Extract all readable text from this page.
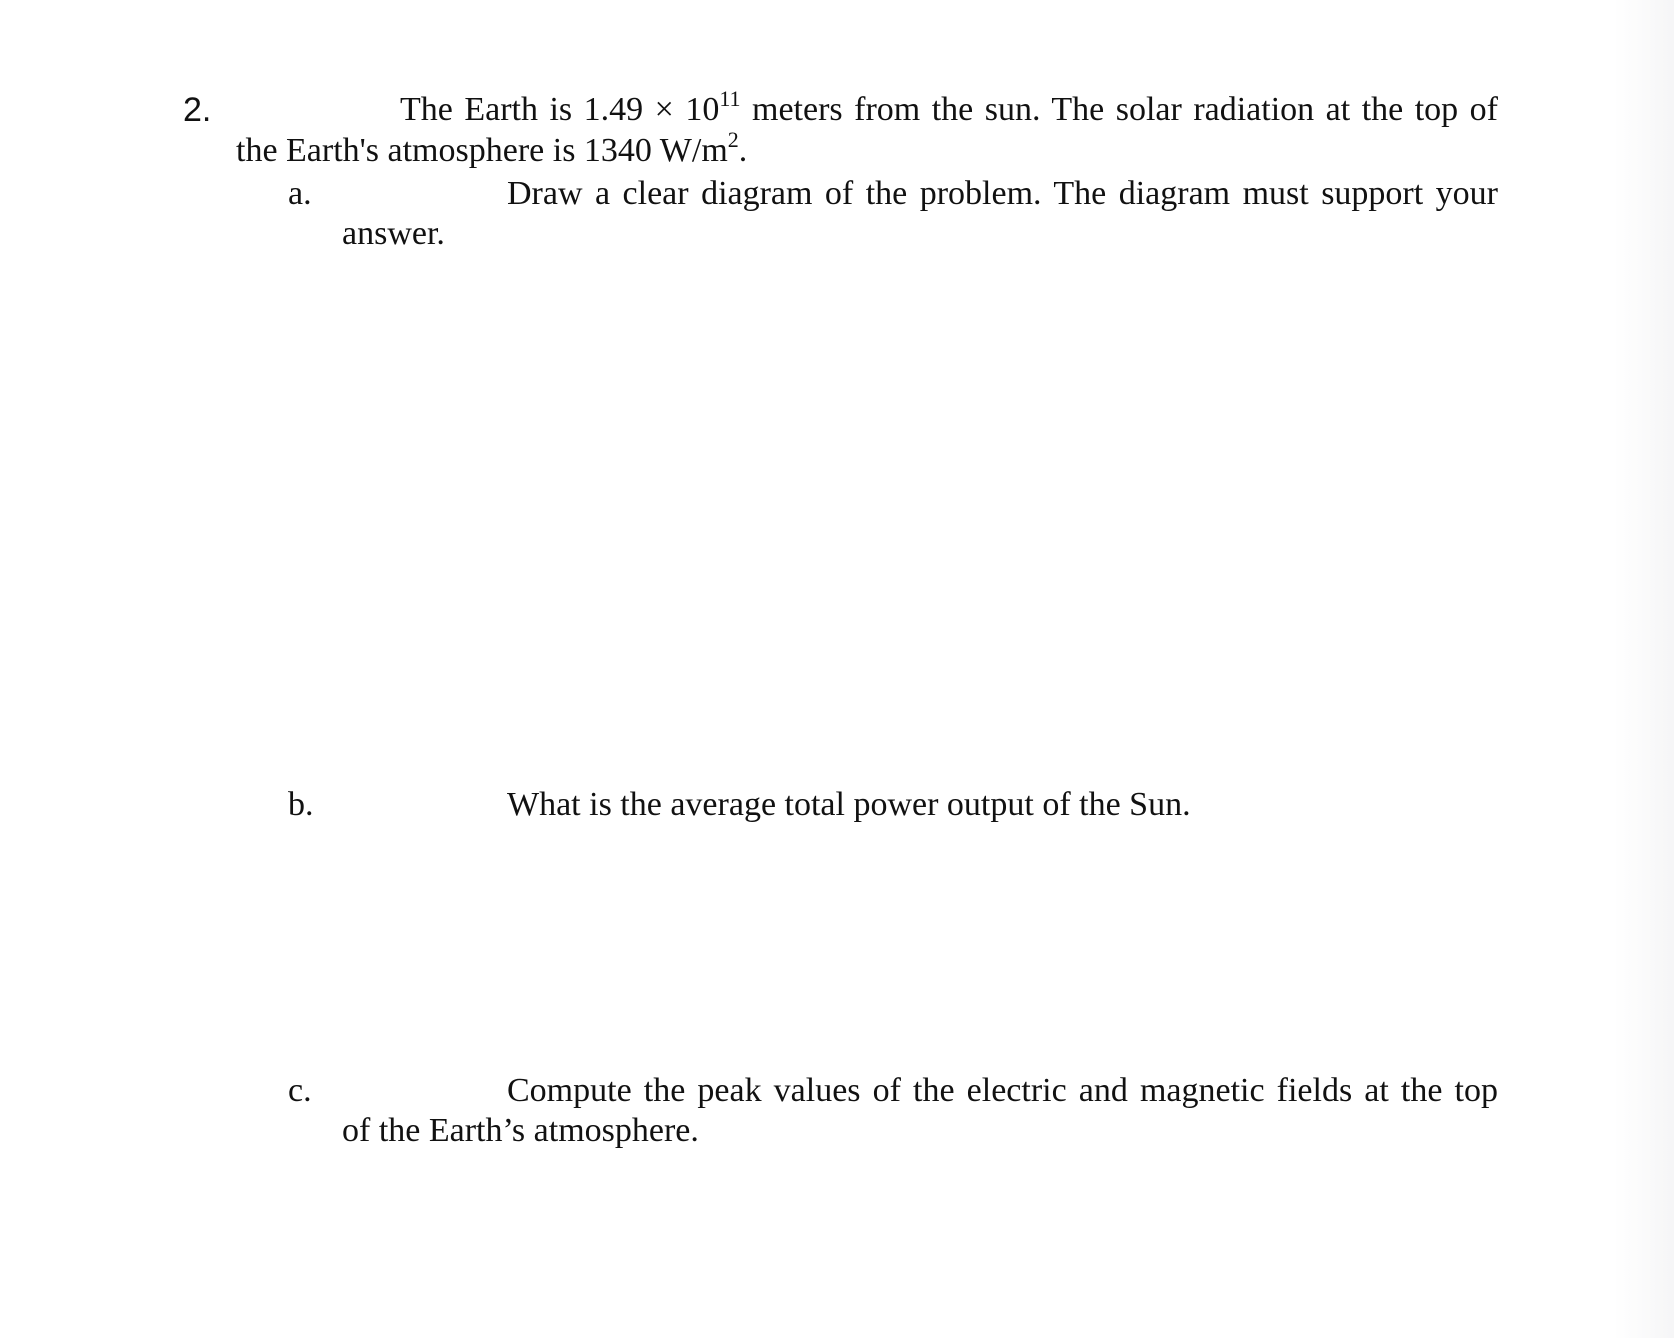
2.	The Earth is $1.49 \times 10^{11}$ meters from the sun. The solar radiation at the top of
the Earth's atmosphere is 1340 $W/m^2$.
a.	Draw a clear diagram of the problem. The diagram must support your
answer.
b.	What is the average total power output of the Sun.
c.	Compute the peak values of the electric and magnetic fields at the top
of the Earth’s atmosphere.
